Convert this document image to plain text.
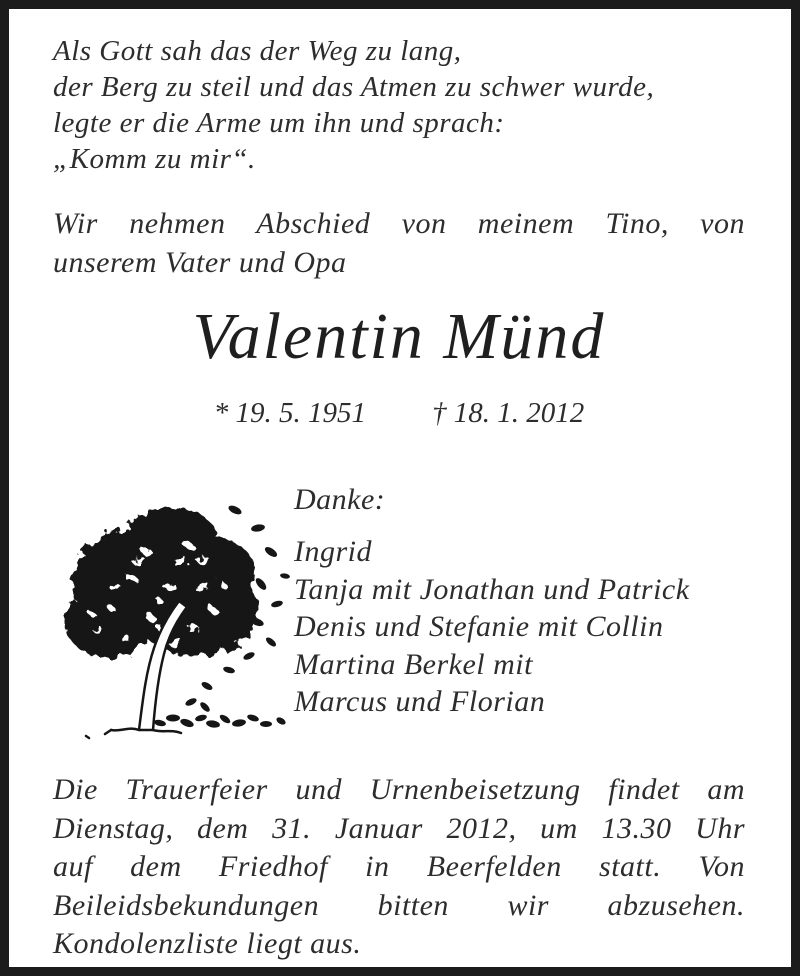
Als Gott sah das der Weg zu lang,
der Berg zu steil und das Atmen zu schwer wurde,
legte er die Arme um ihn und sprach:
„Komm zu mir“.
Wir nehmen Abschied von meinem Tino, von
unserem Vater und Opa
Valentin Münd
* 19. 5. 1951 † 18. 1. 2012
Danke:
Ingrid
Tanja mit Jonathan und Patrick
Denis und Stefanie mit Collin
Martina Berkel mit
Marcus und Florian
Die Trauerfeier und Urnenbeisetzung findet am
Dienstag, dem 31. Januar 2012, um 13.30 Uhr
auf dem Friedhof in Beerfelden statt. Von
Beileidsbekundungen bitten wir abzusehen.
Kondolenzliste liegt aus.
